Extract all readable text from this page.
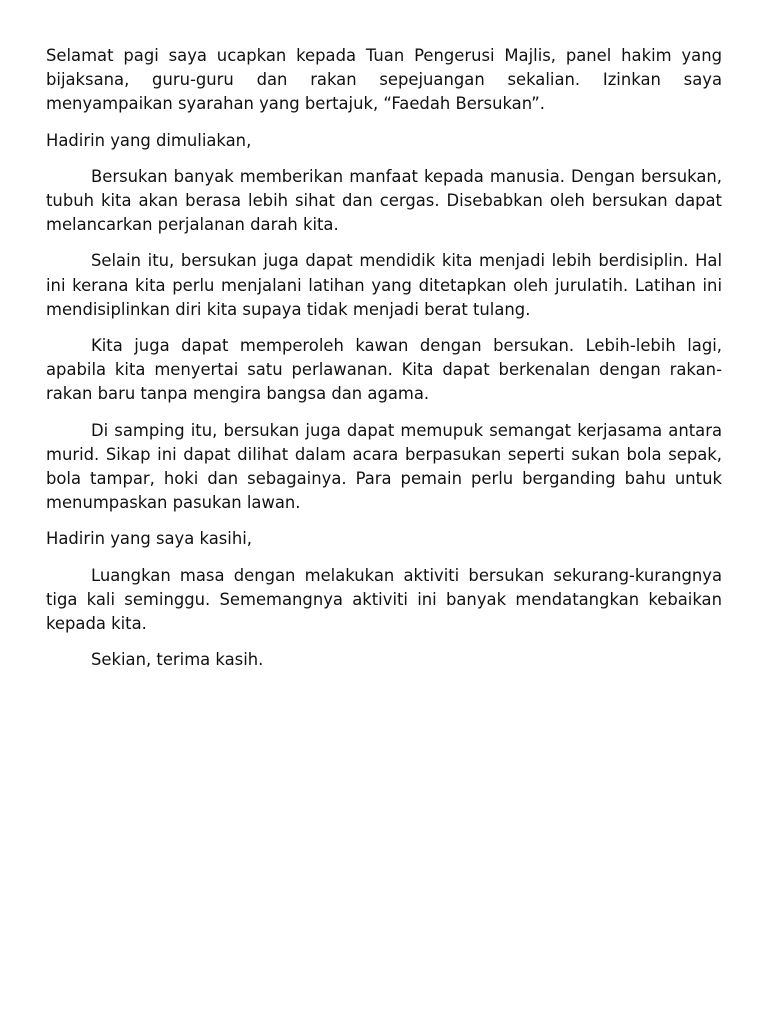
Selamat pagi saya ucapkan kepada Tuan Pengerusi Majlis, panel hakim yang bijaksana, guru-guru dan rakan sepejuangan sekalian. Izinkan saya menyampaikan syarahan yang bertajuk, “Faedah Bersukan”.

Hadirin yang dimuliakan,

Bersukan banyak memberikan manfaat kepada manusia. Dengan bersukan, tubuh kita akan berasa lebih sihat dan cergas. Disebabkan oleh bersukan dapat melancarkan perjalanan darah kita.

Selain itu, bersukan juga dapat mendidik kita menjadi lebih berdisiplin. Hal ini kerana kita perlu menjalani latihan yang ditetapkan oleh jurulatih. Latihan ini mendisiplinkan diri kita supaya tidak menjadi berat tulang.

Kita juga dapat memperoleh kawan dengan bersukan. Lebih-lebih lagi, apabila kita menyertai satu perlawanan. Kita dapat berkenalan dengan rakan-rakan baru tanpa mengira bangsa dan agama.

Di samping itu, bersukan juga dapat memupuk semangat kerjasama antara murid. Sikap ini dapat dilihat dalam acara berpasukan seperti sukan bola sepak, bola tampar, hoki dan sebagainya. Para pemain perlu berganding bahu untuk menumpaskan pasukan lawan.

Hadirin yang saya kasihi,

Luangkan masa dengan melakukan aktiviti bersukan sekurang-kurangnya tiga kali seminggu. Sememangnya aktiviti ini banyak mendatangkan kebaikan kepada kita.

Sekian, terima kasih.
